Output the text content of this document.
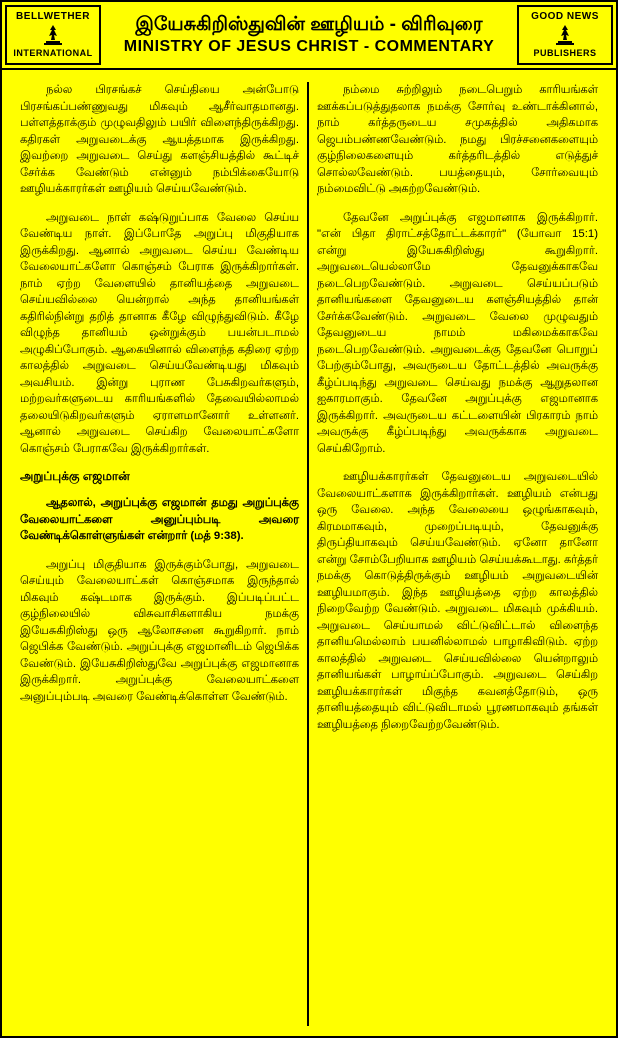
BELLWETHER
INTERNATIONAL
இயேசுகிறிஸ்துவின் ஊழியம் - விரிவுரை
MINISTRY OF JESUS CHRIST - COMMENTARY
GOOD NEWS
PUBLISHERS

நல்ல பிரசங்கச் செய்தியை அன்போடு பிரசங்கப்பண்ணுவது மிகவும் ஆசீர்வாதமானது. பள்ளத்தாக்கும் முழுவதிலும் பயிர் விளைந்திருக்கிறது. கதிரகள் அறுவடைக்கு ஆயத்தமாக இருக்கிறது. இவற்றை அறுவடை செய்து களஞ்சியத்தில் கூட்டிச் சேர்க்க வேண்டும் என்னும் நம்பிக்கையோடு ஊழியக்காரர்கள் ஊழியம் செய்யவேண்டும்.

அறுவடை நாள் கஷ்டுறுப்பாக வேலை செய்ய வேண்டிய நாள். இப்போதே அறுப்பு மிகுதியாக இருக்கிறது. ஆனால் அறுவடை செய்ய வேண்டிய வேலையாட்களோ கொஞ்சம் பேராக இருக்கிறார்கள். நாம் ஏற்ற வேளையில் தானியத்தை அறுவடை செய்யவில்லை யென்றால் அந்த தானியங்கள் கதிரில்நின்று தறித் தானாக கீழே விழுந்துவிடும். கீழே விழுந்த தானியம் ஒன்றுக்கும் பயன்படாமல் அழுகிப்போகும். ஆகையினால் விளைந்த கதிரை ஏற்ற காலத்தில் அறுவடை செய்யவேண்டியது மிகவும் அவசியம். இன்று புராண பேசுகிறவர்களும், மற்றவர்களுடைய காரியங்களில் தேவையில்லாமல் தலையிடுகிறவர்களும் ஏராளமானோர் உள்ளனர். ஆனால் அறுவடை செய்கிற வேலையாட்களோ கொஞ்சம் பேராகவே இருக்கிறார்கள்.

அறுப்புக்கு எஜமான்

ஆதலால், அறுப்புக்கு எஜமான் தமது அறுப்புக்கு வேலையாட்களை அனுப்பும்படி அவரை வேண்டிக்கொள்ளுங்கள் என்றார் (மத் 9:38).

அறுப்பு மிகுதியாக இருக்கும்போது, அறுவடை செய்யும் வேலையாட்கள் கொஞ்சமாக இருந்தால் மிகவும் கஷ்டமாக இருக்கும். இப்படிப்பட்ட குழ்நிலையில் விசுவாசிகளாகிய நமக்கு இயேசுகிறிஸ்து ஒரு ஆலோசனை கூறுகிறார். நாம் ஜெபிக்க வேண்டும். அறுப்புக்கு எஜமானிடம் ஜெபிக்க வேண்டும். இயேசுகிறிஸ்துவே அறுப்புக்கு எஜமானாக இருக்கிறார். அறுப்புக்கு வேலையாட்களை அனுப்பும்படி அவரை வேண்டிக்கொள்ள வேண்டும்.

நம்மை சுற்றிலும் நடைபெறும் காரியங்கள் ஊக்கப்படுத்துதலாக நமக்கு சோர்வு உண்டாக்கினால், நாம் கர்த்தருடைய சமுகத்தில் அதிகமாக ஜெபம்பண்ணவேண்டும். நமது பிரச்சனைகளையும் குழ்நிலைகளையும் கர்த்தரிடத்தில் எடுத்துச் சொல்லவேண்டும். பயத்தையும், சோர்வையும் நம்மைவிட்டு அகற்றவேண்டும்.

தேவனே அறுப்புக்கு எஜமானாக இருக்கிறார். "என் பிதா திராட்சத்தோட்டக்காரர்" (யோவா 15:1) என்று இயேசுகிறிஸ்து கூறுகிறார். அறுவடையெல்லாமே தேவனுக்காகவே நடைபெறவேண்டும். அறுவடை செய்யப்படும் தானியங்களை தேவனுடைய களஞ்சியத்தில் தான் சேர்க்கவேண்டும். அறுவடை வேலை முழுவதும் தேவனுடைய நாமம் மகிமைக்காகவே நடைபெறவேண்டும். அறுவடைக்கு தேவனே பொறுப் பேற்கும்போது, அவருடைய தோட்டத்தில் அவருக்கு கீழ்ப்படிந்து அறுவடை செய்வது நமக்கு ஆறுதலான ஐகாரமாகும். தேவனே அறுப்புக்கு எஜமானாக இருக்கிறார். அவருடைய கட்டளையின் பிரகாரம் நாம் அவருக்கு கீழ்ப்படிந்து அவருக்காக அறுவடை செய்கிறோம்.

ஊழியக்காரர்கள் தேவனுடைய அறுவடையில் வேலையாட்களாக இருக்கிறார்கள். ஊழியம் என்பது ஒரு வேலை. அந்த வேலையை ஒழுங்காகவும், கிரமமாகவும், முறைப்படியும், தேவனுக்கு திருப்தியாகவும் செய்யவேண்டும். ஏனோ தானோ என்று சோம்பேறியாக ஊழியம் செய்யக்கூடாது. கர்த்தர் நமக்கு கொடுத்திருக்கும் ஊழியம் அறுவடையின் ஊழியமாகும். இந்த ஊழியத்தை ஏற்ற காலத்தில் நிறைவேற்ற வேண்டும். அறுவடை மிகவும் முக்கியம். அறுவடை செய்யாமல் விட்டுவிட்டால் விளைந்த தானியமெல்லாம் பயனில்லாமல் பாழாகிவிடும். ஏற்ற காலத்தில் அறுவடை செய்யவில்லை யென்றாலும் தானியங்கள் பாழாய்ப்போகும். அறுவடை செய்கிற ஊழியக்காரர்கள் மிகுந்த கவனத்தோடும், ஒரு தானியத்தையும் விட்டுவிடாமல் பூரணமாகவும் தங்கள் ஊழியத்தை நிறைவேற்றவேண்டும்.
